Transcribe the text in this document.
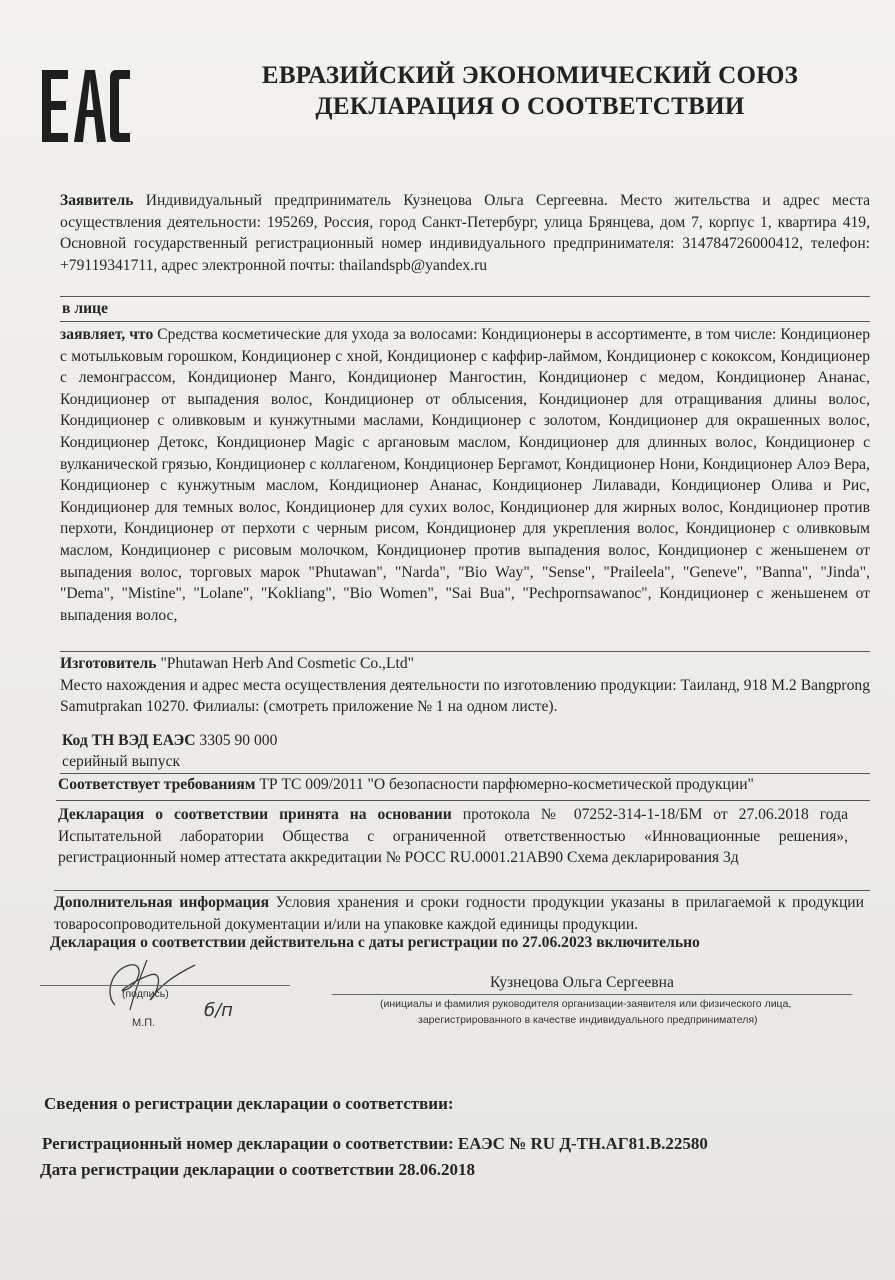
ЕВРАЗИЙСКИЙ ЭКОНОМИЧЕСКИЙ СОЮЗ
ДЕКЛАРАЦИЯ О СООТВЕТСТВИИ
Заявитель Индивидуальный предприниматель Кузнецова Ольга Сергеевна. Место жительства и адрес места осуществления деятельности: 195269, Россия, город Санкт-Петербург, улица Брянцева, дом 7, корпус 1, квартира 419, Основной государственный регистрационный номер индивидуального предпринимателя: 314784726000412, телефон: +79119341711, адрес электронной почты: thailandspb@yandex.ru
в лице
заявляет, что Средства косметические для ухода за волосами: Кондиционеры в ассортименте, в том числе: Кондиционер с мотыльковым горошком, Кондиционер с хной, Кондиционер с каффир-лаймом, Кондиционер с кококсом, Кондиционер с лемонграссом, Кондиционер Манго, Кондиционер Мангостин, Кондиционер с медом, Кондиционер Ананас, Кондиционер от выпадения волос, Кондиционер от облысения, Кондиционер для отращивания длины волос, Кондиционер с оливковым и кунжутными маслами, Кондиционер с золотом, Кондиционер для окрашенных волос, Кондиционер Детокс, Кондиционер Magic с аргановым маслом, Кондиционер для длинных волос, Кондиционер с вулканической грязью, Кондиционер с коллагеном, Кондиционер Бергамот, Кондиционер Нони, Кондиционер Алоэ Вера, Кондиционер с кунжутным маслом, Кондиционер Ананас, Кондиционер Лилавади, Кондиционер Олива и Рис, Кондиционер для темных волос, Кондиционер для сухих волос, Кондиционер для жирных волос, Кондиционер против перхоти, Кондиционер от перхоти с черным рисом, Кондиционер для укрепления волос, Кондиционер с оливковым маслом, Кондиционер с рисовым молочком, Кондиционер против выпадения волос, Кондиционер с женьшенем от выпадения волос, торговых марок "Phutawan", "Narda", "Bio Way", "Sense", "Praileela", "Geneve", "Banna", "Jinda", "Dema", "Mistine", "Lolane", "Kokliang", "Bio Women", "Sai Bua", "Pechpornsawanoc", Кондиционер с женьшенем от выпадения волос,
Изготовитель "Phutawan Herb And Cosmetic Co.,Ltd"
Место нахождения и адрес места осуществления деятельности по изготовлению продукции: Таиланд, 918 M.2 Bangprong Samutprakan 10270. Филиалы: (смотреть приложение № 1 на одном листе).
Код ТН ВЭД ЕАЭС 3305 90 000
серийный выпуск
Соответствует требованиям ТР ТС 009/2011 "О безопасности парфюмерно-косметической продукции"
Декларация о соответствии принята на основании протокола № 07252-314-1-18/БМ от 27.06.2018 года Испытательной лаборатории Общества с ограниченной ответственностью «Инновационные решения», регистрационный номер аттестата аккредитации № РОСС RU.0001.21АВ90 Схема декларирования 3д
Дополнительная информация Условия хранения и сроки годности продукции указаны в прилагаемой к продукции товаросопроводительной документации и/или на упаковке каждой единицы продукции.
Декларация о соответствии действительна с даты регистрации по 27.06.2023 включительно
(подпись)
М.П.
б/п
Кузнецова Ольга Сергеевна
(инициалы и фамилия руководителя организации-заявителя или физического лица,
зарегистрированного в качестве индивидуального предпринимателя)
Сведения о регистрации декларации о соответствии:
Регистрационный номер декларации о соответствии: ЕАЭС № RU Д-TH.АГ81.В.22580
Дата регистрации декларации о соответствии 28.06.2018
